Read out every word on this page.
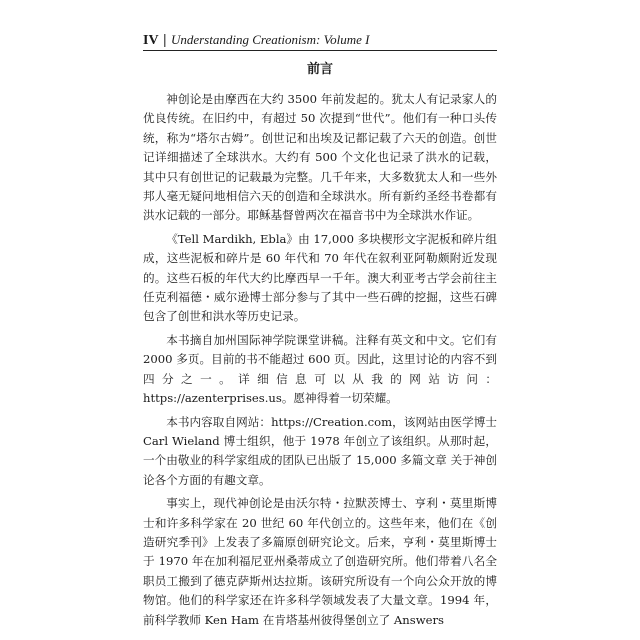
IV | Understanding Creationism: Volume I
前言

神创论是由摩西在大约 3500 年前发起的。犹太人有记录家人的优良传统。在旧约中，有超过 50 次提到“世代”。他们有一种口头传统，称为“塔尔古姆”。创世记和出埃及记都记载了六天的创造。创世记详细描述了全球洪水。大约有 500 个文化也记录了洪水的记载，其中只有创世记的记载最为完整。几千年来，大多数犹太人和一些外邦人毫无疑问地相信六天的创造和全球洪水。所有新约圣经书卷都有洪水记载的一部分。耶稣基督曾两次在福音书中为全球洪水作证。

《Tell Mardikh, Ebla》由 17,000 多块楔形文字泥板和碎片组成，这些泥板和碎片是 60 年代和 70 年代在叙利亚阿勒颇附近发现的。这些石板的年代大约比摩西早一千年。澳大利亚考古学会前往主任克利福德・威尔逊博士部分参与了其中一些石碑的挖掘，这些石碑包含了创世和洪水等历史记录。

本书摘自加州国际神学院课堂讲稿。注释有英文和中文。它们有 2000 多页。目前的书不能超过 600 页。因此，这里讨论的内容不到四分之一。详细信息可以从我的网站访问：https://azenterprises.us。愿神得着一切荣耀。

本书内容取自网站：https://Creation.com，该网站由医学博士 Carl Wieland 博士组织，他于 1978 年创立了该组织。从那时起，一个由敬业的科学家组成的团队已出版了 15,000 多篇文章 关于神创论各个方面的有趣文章。

事实上，现代神创论是由沃尔特・拉默茨博士、亨利・莫里斯博士和许多科学家在 20 世纪 60 年代创立的。这些年来，他们在《创造研究季刊》上发表了多篇原创研究论文。后来，亨利・莫里斯博士于 1970 年在加利福尼亚州桑蒂成立了创造研究所。他们带着八名全职员工搬到了德克萨斯州达拉斯。该研究所设有一个向公众开放的博物馆。他们的科学家还在许多科学领域发表了大量文章。1994 年，前科学教师 Ken Ham 在肯塔基州彼得堡创立了 Answers
